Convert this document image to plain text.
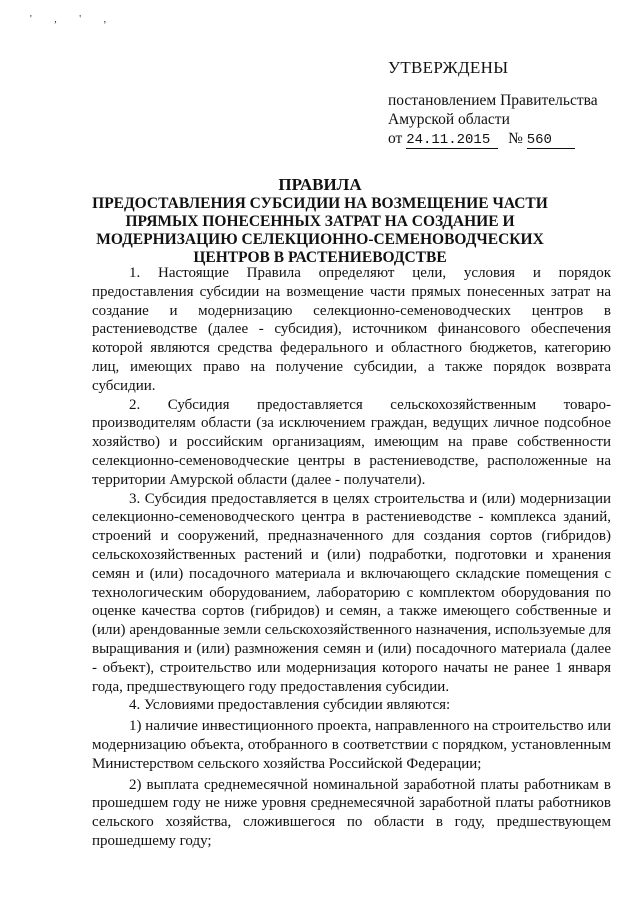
' , ' ,
УТВЕРЖДЕНЫ
постановлением Правительства
Амурской области
от 24.11.2015 № 560
ПРАВИЛА
ПРЕДОСТАВЛЕНИЯ СУБСИДИИ НА ВОЗМЕЩЕНИЕ ЧАСТИ
ПРЯМЫХ ПОНЕСЕННЫХ ЗАТРАТ НА СОЗДАНИЕ И
МОДЕРНИЗАЦИЮ СЕЛЕКЦИОННО-СЕМЕНОВОДЧЕСКИХ
ЦЕНТРОВ В РАСТЕНИЕВОДСТВЕ

1. Настоящие Правила определяют цели, условия и порядок предоставления субсидии на возмещение части прямых понесенных затрат на создание и модернизацию селекционно-семеноводческих центров в растениеводстве (далее - субсидия), источником финансового обеспечения которой являются средства федерального и областного бюджетов, категорию лиц, имеющих право на получение субсидии, а также порядок возврата субсидии.

2. Субсидия предоставляется сельскохозяйственным товаро-производителям области (за исключением граждан, ведущих личное подсобное хозяйство) и российским организациям, имеющим на праве собственности селекционно-семеноводческие центры в растениеводстве, расположенные на территории Амурской области (далее - получатели).

3. Субсидия предоставляется в целях строительства и (или) модернизации селекционно-семеноводческого центра в растениеводстве - комплекса зданий, строений и сооружений, предназначенного для создания сортов (гибридов) сельскохозяйственных растений и (или) подработки, подготовки и хранения семян и (или) посадочного материала и включающего складские помещения с технологическим оборудованием, лабораторию с комплектом оборудования по оценке качества сортов (гибридов) и семян, а также имеющего собственные и (или) арендованные земли сельскохозяйственного назначения, используемые для выращивания и (или) размножения семян и (или) посадочного материала (далее - объект), строительство или модернизация которого начаты не ранее 1 января года, предшествующего году предоставления субсидии.

4. Условиями предоставления субсидии являются:

1) наличие инвестиционного проекта, направленного на строительство или модернизацию объекта, отобранного в соответствии с порядком, установленным Министерством сельского хозяйства Российской Федерации;

2) выплата среднемесячной номинальной заработной платы работникам в прошедшем году не ниже уровня среднемесячной заработной платы работников сельского хозяйства, сложившегося по области в году, предшествующем прошедшему году;
